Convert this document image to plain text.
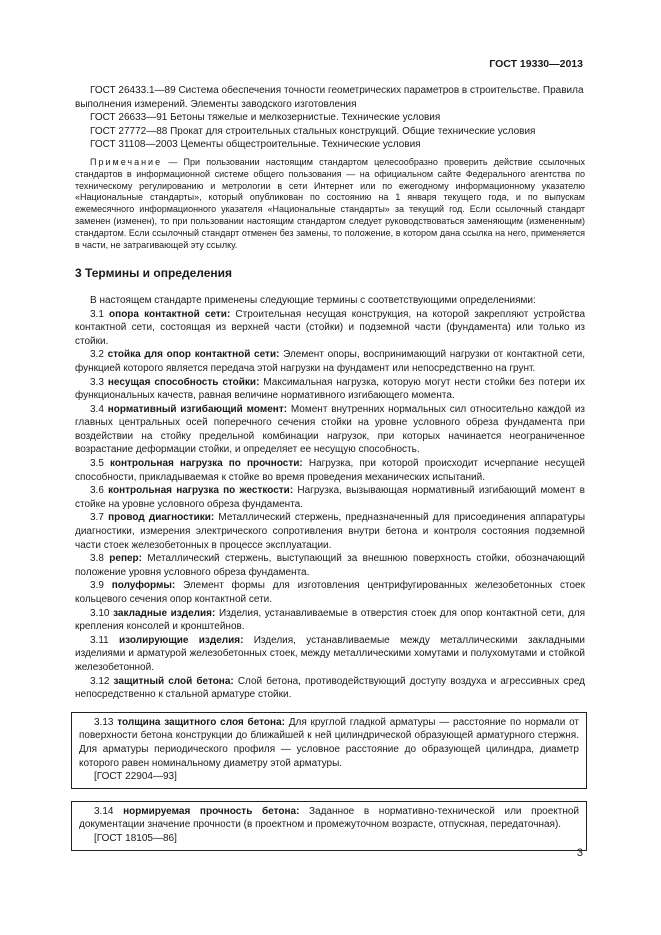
ГОСТ 19330—2013

ГОСТ 26433.1—89 Система обеспечения точности геометрических параметров в строительстве. Правила выполнения измерений. Элементы заводского изготовления

ГОСТ 26633—91 Бетоны тяжелые и мелкозернистые. Технические условия

ГОСТ 27772—88 Прокат для строительных стальных конструкций. Общие технические условия

ГОСТ 31108—2003 Цементы общестроительные. Технические условия

Примечание — При пользовании настоящим стандартом целесообразно проверить действие ссылочных стандартов в информационной системе общего пользования — на официальном сайте Федерального агентства по техническому регулированию и метрологии в сети Интернет или по ежегодному информационному указателю «Национальные стандарты», который опубликован по состоянию на 1 января текущего года, и по выпускам ежемесячного информационного указателя «Национальные стандарты» за текущий год. Если ссылочный стандарт заменен (изменен), то при пользовании настоящим стандартом следует руководствоваться заменяющим (измененным) стандартом. Если ссылочный стандарт отменен без замены, то положение, в котором дана ссылка на него, применяется в части, не затрагивающей эту ссылку.

3 Термины и определения

В настоящем стандарте применены следующие термины с соответствующими определениями:

3.1 опора контактной сети: Строительная несущая конструкция, на которой закрепляют устройства контактной сети, состоящая из верхней части (стойки) и подземной части (фундамента) или только из стойки.

3.2 стойка для опор контактной сети: Элемент опоры, воспринимающий нагрузки от контактной сети, функцией которого является передача этой нагрузки на фундамент или непосредственно на грунт.

3.3 несущая способность стойки: Максимальная нагрузка, которую могут нести стойки без потери их функциональных качеств, равная величине нормативного изгибающего момента.

3.4 нормативный изгибающий момент: Момент внутренних нормальных сил относительно каждой из главных центральных осей поперечного сечения стойки на уровне условного обреза фундамента при воздействии на стойку предельной комбинации нагрузок, при которых начинается неограниченное возрастание деформации стойки, и определяет ее несущую способность.

3.5 контрольная нагрузка по прочности: Нагрузка, при которой происходит исчерпание несущей способности, прикладываемая к стойке во время проведения механических испытаний.

3.6 контрольная нагрузка по жесткости: Нагрузка, вызывающая нормативный изгибающий момент в стойке на уровне условного обреза фундамента.

3.7 провод диагностики: Металлический стержень, предназначенный для присоединения аппаратуры диагностики, измерения электрического сопротивления внутри бетона и контроля состояния подземной части стоек железобетонных в процессе эксплуатации.

3.8 репер: Металлический стержень, выступающий за внешнюю поверхность стойки, обозначающий положение уровня условного обреза фундамента.

3.9 полуформы: Элемент формы для изготовления центрифугированных железобетонных стоек кольцевого сечения опор контактной сети.

3.10 закладные изделия: Изделия, устанавливаемые в отверстия стоек для опор контактной сети, для крепления консолей и кронштейнов.

3.11 изолирующие изделия: Изделия, устанавливаемые между металлическими закладными изделиями и арматурой железобетонных стоек, между металлическими хомутами и полухомутами и стойкой железобетонной.

3.12 защитный слой бетона: Слой бетона, противодействующий доступу воздуха и агрессивных сред непосредственно к стальной арматуре стойки.

3.13 толщина защитного слоя бетона: Для круглой гладкой арматуры — расстояние по нормали от поверхности бетона конструкции до ближайшей к ней цилиндрической образующей арматурного стержня. Для арматуры периодического профиля — условное расстояние до образующей цилиндра, диаметр которого равен номинальному диаметру этой арматуры.

[ГОСТ 22904—93]

3.14 нормируемая прочность бетона: Заданное в нормативно-технической или проектной документации значение прочности (в проектном и промежуточном возрасте, отпускная, передаточная).

[ГОСТ 18105—86]

3
